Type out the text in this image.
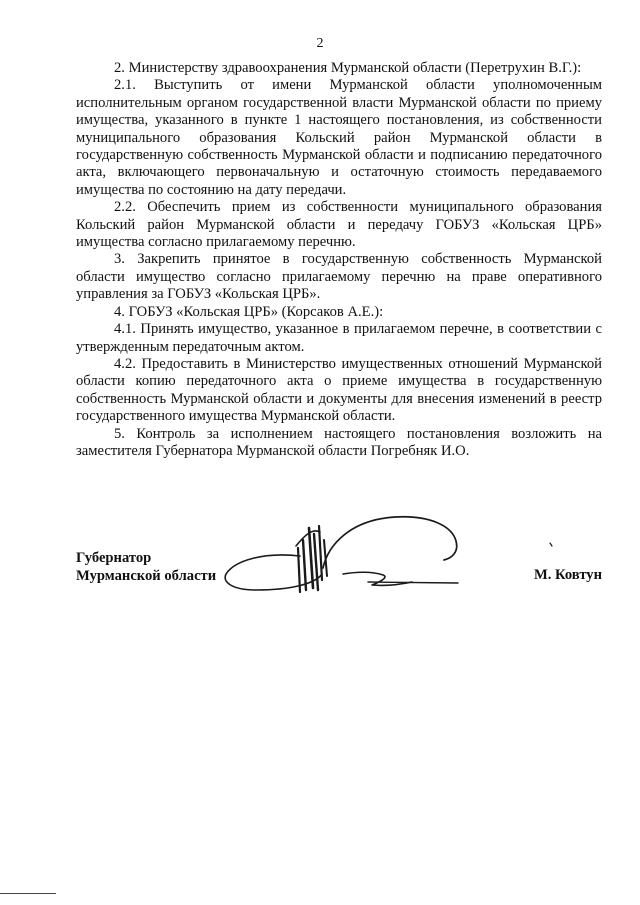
2

2. Министерству здравоохранения Мурманской области (Перетрухин В.Г.):

2.1. Выступить от имени Мурманской области уполномоченным исполнительным органом государственной власти Мурманской области по приему имущества, указанного в пункте 1 настоящего постановления, из собственности муниципального образования Кольский район Мурманской области в государственную собственность Мурманской области и подписанию передаточного акта, включающего первоначальную и остаточную стоимость передаваемого имущества по состоянию на дату передачи.

2.2. Обеспечить прием из собственности муниципального образования Кольский район Мурманской области и передачу ГОБУЗ «Кольская ЦРБ» имущества согласно прилагаемому перечню.

3. Закрепить принятое в государственную собственность Мурманской области имущество согласно прилагаемому перечню на праве оперативного управления за ГОБУЗ «Кольская ЦРБ».

4. ГОБУЗ «Кольская ЦРБ» (Корсаков А.Е.):

4.1. Принять имущество, указанное в прилагаемом перечне, в соответствии с утвержденным передаточным актом.

4.2. Предоставить в Министерство имущественных отношений Мурманской области копию передаточного акта о приеме имущества в государственную собственность Мурманской области и документы для внесения изменений в реестр государственного имущества Мурманской области.

5. Контроль за исполнением настоящего постановления возложить на заместителя Губернатора Мурманской области Погребняк И.О.

Губернатор
Мурманской области	М. Ковтун
